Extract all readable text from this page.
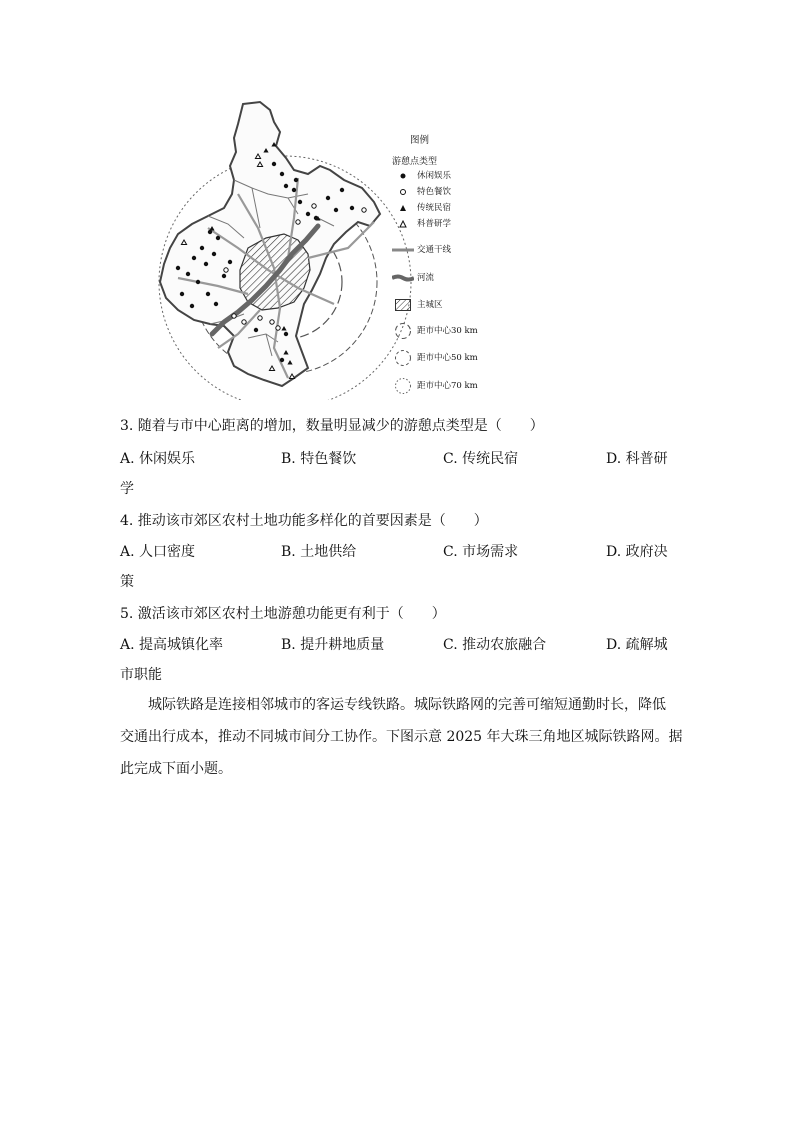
图例
游憩点类型
休闲娱乐
特色餐饮
传统民宿
科普研学
交通干线
河流
主城区
距市中心30 km
距市中心50 km
距市中心70 km
3. 随着与市中心距离的增加，数量明显减少的游憩点类型是（　　）
A. 休闲娱乐	B. 特色餐饮	C. 传统民宿	D. 科普研
学
4. 推动该市郊区农村土地功能多样化的首要因素是（　　）
A. 人口密度	B. 土地供给	C. 市场需求	D. 政府决
策
5. 激活该市郊区农村土地游憩功能更有利于（　　）
A. 提高城镇化率	B. 提升耕地质量	C. 推动农旅融合	D. 疏解城
市职能
城际铁路是连接相邻城市的客运专线铁路。城际铁路网的完善可缩短通勤时长，降低
交通出行成本，推动不同城市间分工协作。下图示意 2025 年大珠三角地区城际铁路网。据
此完成下面小题。
